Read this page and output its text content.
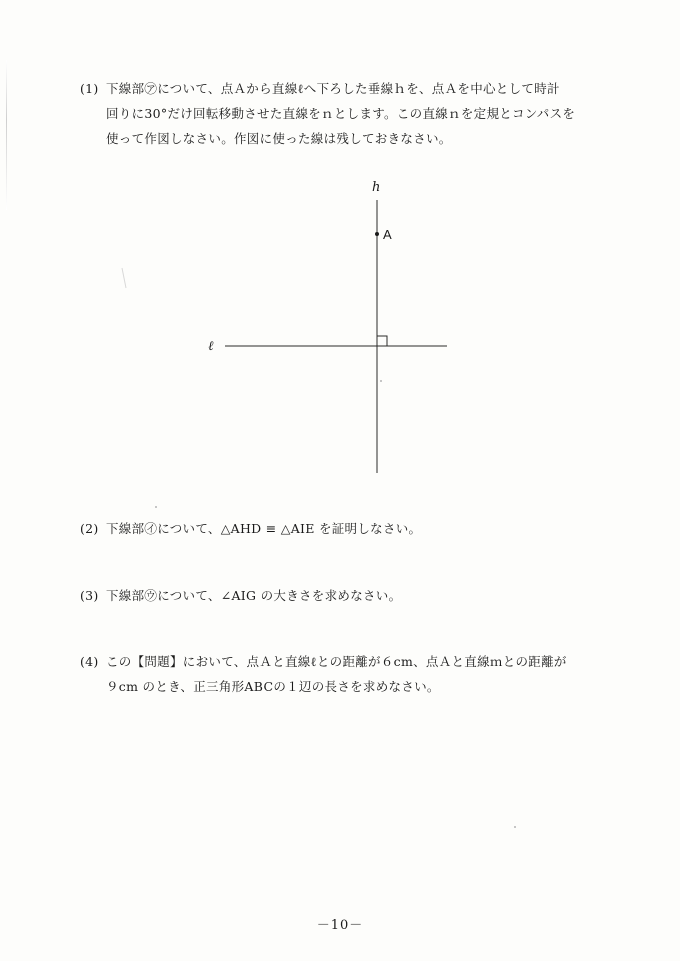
(1) 下線部㋐について、点Ａから直線ℓへ下ろした垂線ｈを、点Ａを中心として時計
回りに30°だけ回転移動させた直線をｎとします。この直線ｎを定規とコンパスを
使って作図しなさい。作図に使った線は残しておきなさい。
h
ℓ
A
(2) 下線部㋑について、△AHD ≡ △AIE を証明しなさい。
(3) 下線部㋒について、∠AIG の大きさを求めなさい。
(4) この【問題】において、点Ａと直線ℓとの距離が６cm、点Ａと直線ｍとの距離が
９cm のとき、正三角形ABCの１辺の長さを求めなさい。
－10－
